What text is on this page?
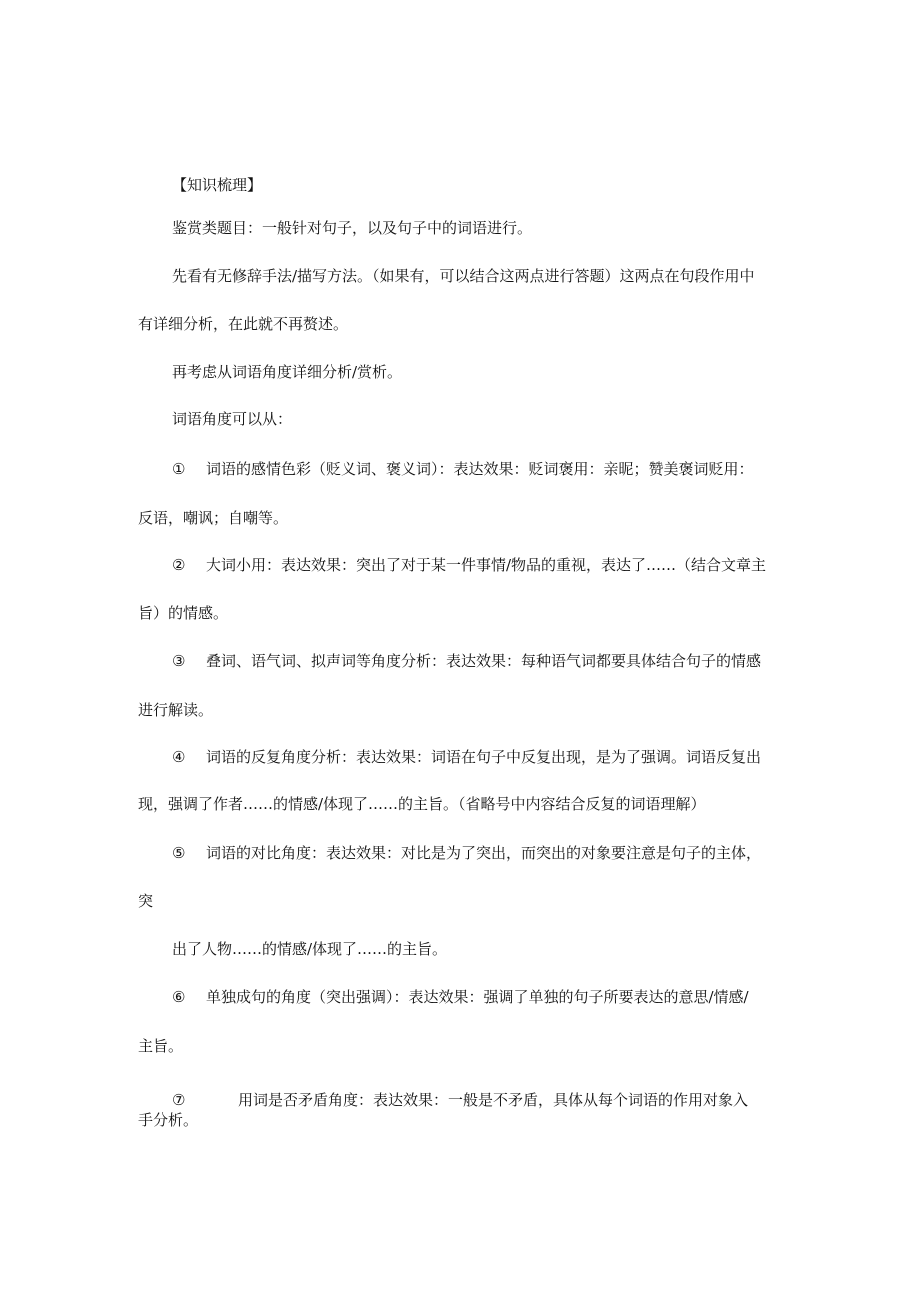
【知识梳理】
鉴赏类题目：一般针对句子，以及句子中的词语进行。
先看有无修辞手法/描写方法。（如果有，可以结合这两点进行答题）这两点在句段作用中
有详细分析，在此就不再赘述。
再考虑从词语角度详细分析/赏析。
词语角度可以从：
① 词语的感情色彩（贬义词、褒义词）：表达效果：贬词褒用：亲昵；赞美褒词贬用：
反语，嘲讽；自嘲等。
② 大词小用：表达效果：突出了对于某一件事情/物品的重视，表达了……（结合文章主
旨）的情感。
③ 叠词、语气词、拟声词等角度分析：表达效果：每种语气词都要具体结合句子的情感
进行解读。
④ 词语的反复角度分析：表达效果：词语在句子中反复出现，是为了强调。词语反复出
现，强调了作者……的情感/体现了……的主旨。（省略号中内容结合反复的词语理解）
⑤ 词语的对比角度：表达效果：对比是为了突出，而突出的对象要注意是句子的主体，
突
出了人物……的情感/体现了……的主旨。
⑥ 单独成句的角度（突出强调）：表达效果：强调了单独的句子所要表达的意思/情感/
主旨。
⑦	用词是否矛盾角度：表达效果：一般是不矛盾，具体从每个词语的作用对象入
手分析。
